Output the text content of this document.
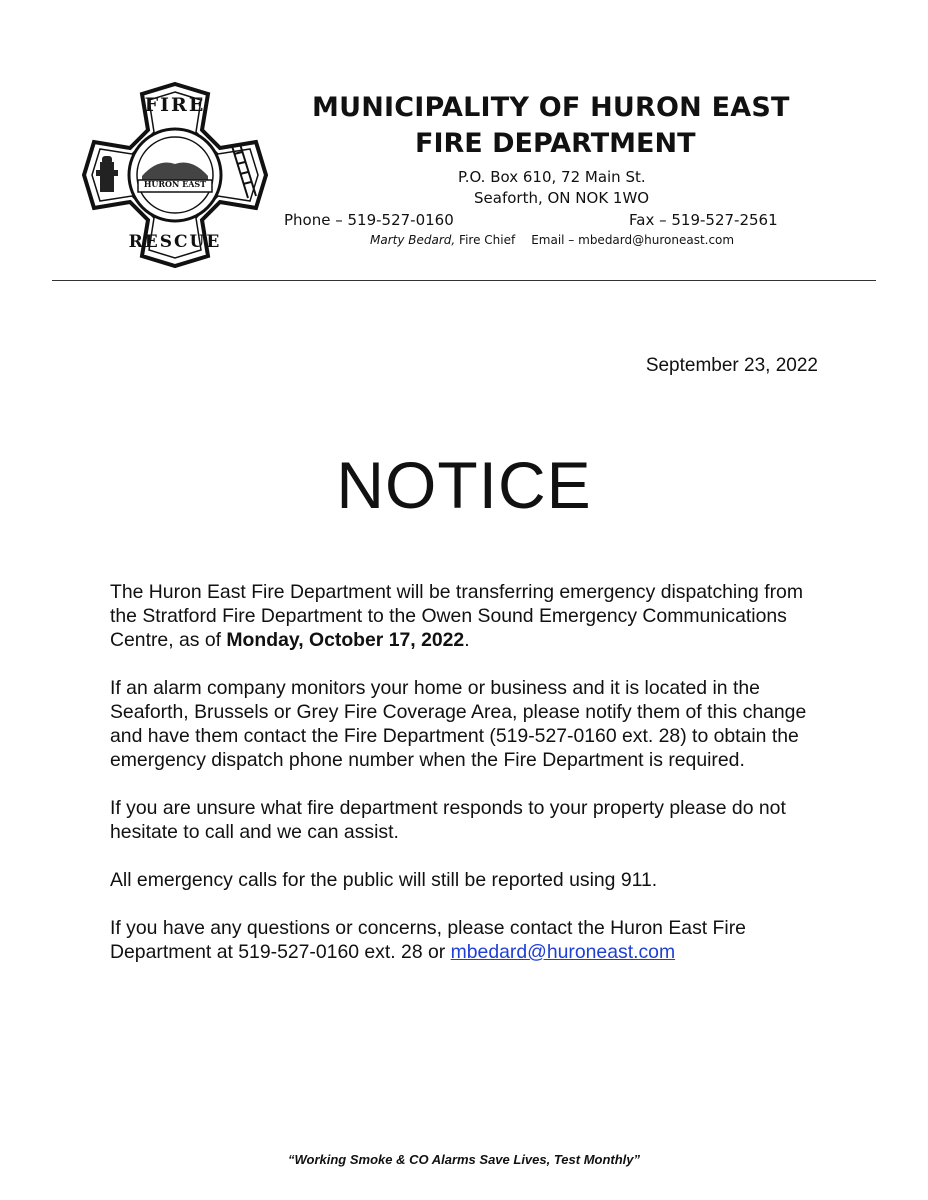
FIRE
RESCUE
HURON EAST
MUNICIPALITY OF HURON EAST
FIRE DEPARTMENT
P.O. Box 610, 72 Main St.
Seaforth, ON NOK 1WO
Phone – 519-527-0160	Fax – 519-527-2561
Marty Bedard, Fire Chief Email – mbedard@huroneast.com
September 23, 2022
NOTICE

The Huron East Fire Department will be transferring emergency dispatching from the Stratford Fire Department to the Owen Sound Emergency Communications Centre, as of Monday, October 17, 2022.

If an alarm company monitors your home or business and it is located in the Seaforth, Brussels or Grey Fire Coverage Area, please notify them of this change and have them contact the Fire Department (519-527-0160 ext. 28) to obtain the emergency dispatch phone number when the Fire Department is required.

If you are unsure what fire department responds to your property please do not hesitate to call and we can assist.

All emergency calls for the public will still be reported using 911.

If you have any questions or concerns, please contact the Huron East Fire Department at 519-527-0160 ext. 28 or mbedard@huroneast.com

“Working Smoke & CO Alarms Save Lives, Test Monthly”
